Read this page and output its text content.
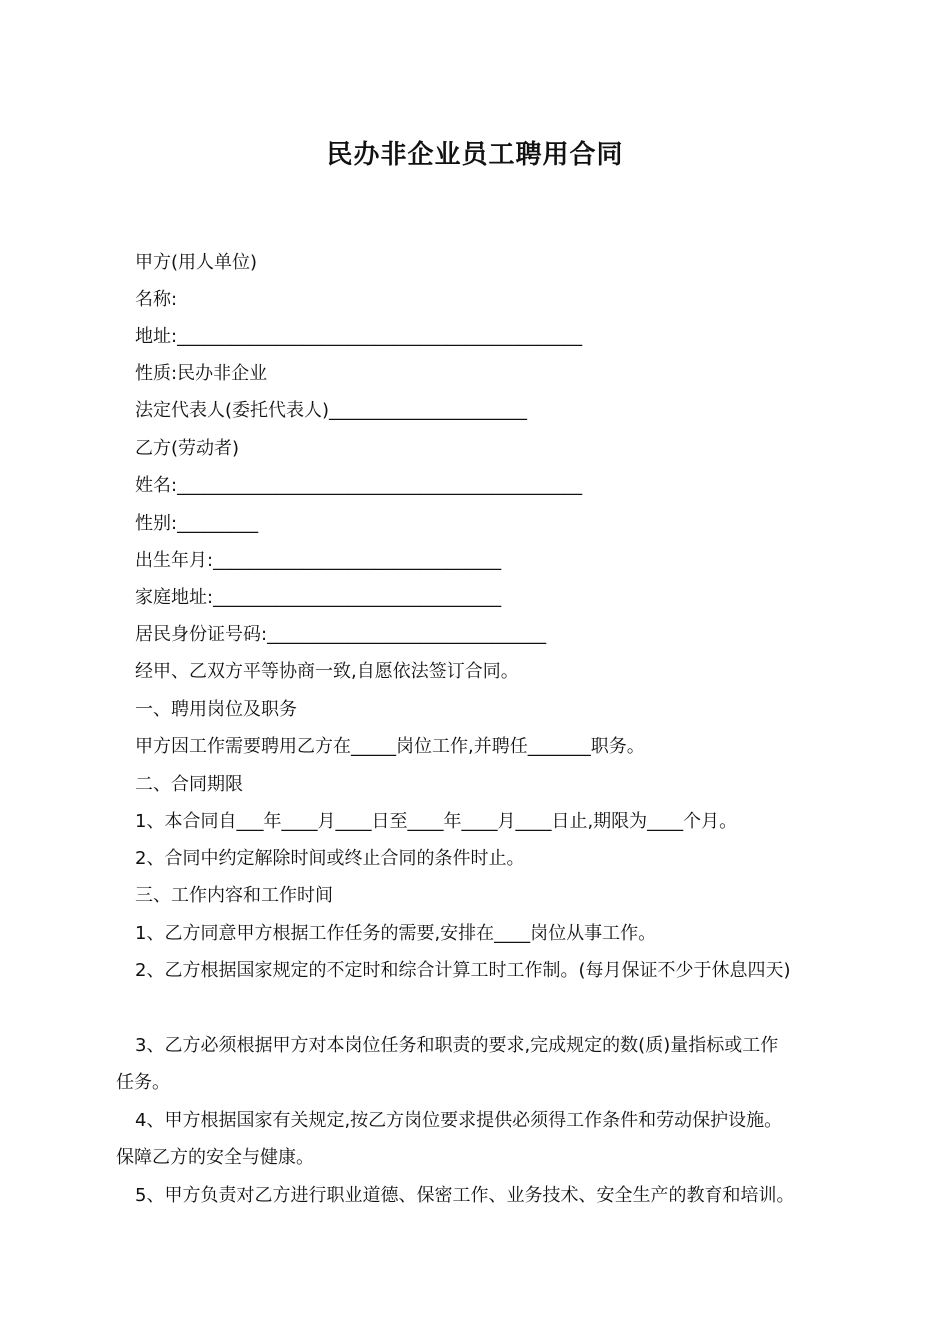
民办非企业员工聘用合同

甲方(用人单位)

名称:

地址:_____________________________________________

性质:民办非企业

法定代表人(委托代表人)______________________

乙方(劳动者)

姓名:_____________________________________________

性别:_________

出生年月:________________________________

家庭地址:________________________________

居民身份证号码:_______________________________

经甲、乙双方平等协商一致,自愿依法签订合同。

一、聘用岗位及职务

甲方因工作需要聘用乙方在_____岗位工作,并聘任_______职务。

二、合同期限

1、本合同自___年____月____日至____年____月____日止,期限为____个月。

2、合同中约定解除时间或终止合同的条件时止。

三、工作内容和工作时间

1、乙方同意甲方根据工作任务的需要,安排在____岗位从事工作。

2、乙方根据国家规定的不定时和综合计算工时工作制。(每月保证不少于休息四天)

3、乙方必须根据甲方对本岗位任务和职责的要求,完成规定的数(质)量指标或工作

任务。

4、甲方根据国家有关规定,按乙方岗位要求提供必须得工作条件和劳动保护设施。

保障乙方的安全与健康。

5、甲方负责对乙方进行职业道德、保密工作、业务技术、安全生产的教育和培训。
